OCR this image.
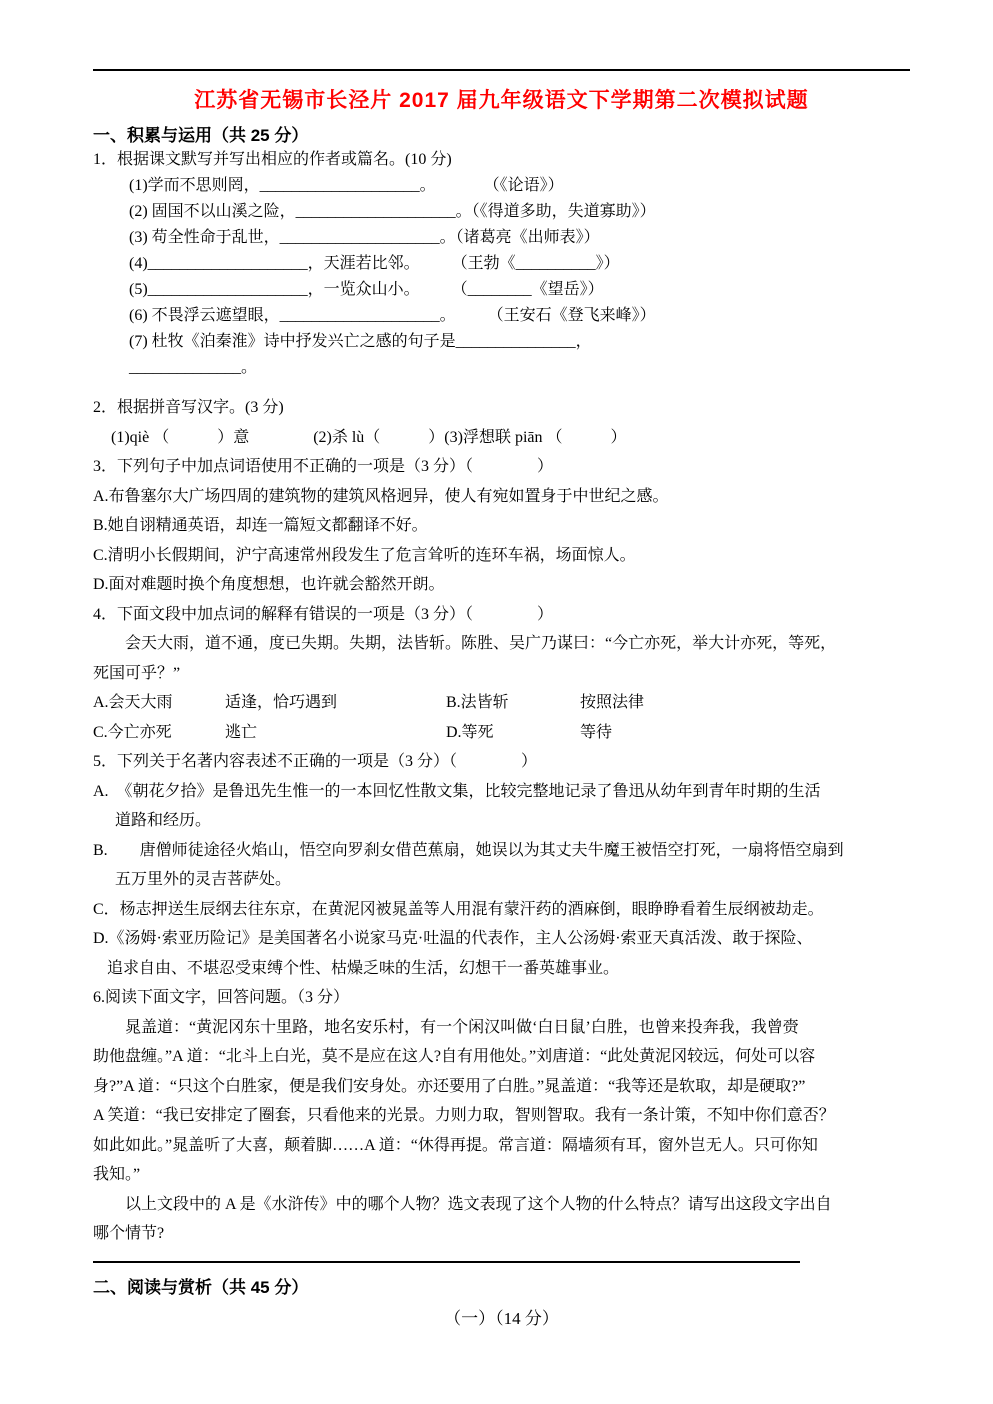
江苏省无锡市长泾片 2017 届九年级语文下学期第二次模拟试题
一、积累与运用（共 25 分）
1．根据课文默写并写出相应的作者或篇名。(10 分)
(1)学而不思则罔，____________________。　　　　（《论语》）
(2) 固国不以山溪之险，____________________。（《得道多助，失道寡助》）
(3) 苟全性命于乱世，____________________。（诸葛亮《出师表》）
(4)____________________，天涯若比邻。　　　（王勃《__________》）
(5)____________________，一览众山小。　　　（________《望岳》）
(6) 不畏浮云遮望眼，____________________。　　　（王安石《登飞来峰》）
(7) 杜牧《泊秦淮》诗中抒发兴亡之感的句子是_______________，
______________。
2．根据拼音写汉字。(3 分)
(1)qiè （　　　）意　　　　(2)杀 lù（　　　）(3)浮想联 piān （　　　）
3．下列句子中加点词语使用不正确的一项是（3 分）（　　　　）
A.布鲁塞尔大广场四周的建筑物的建筑风格迥异，使人有宛如置身于中世纪之感。
B.她自诩精通英语，却连一篇短文都翻译不好。
C.清明小长假期间，沪宁高速常州段发生了危言耸听的连环车祸，场面惊人。
D.面对难题时换个角度想想，也许就会豁然开朗。
4．下面文段中加点词的解释有错误的一项是（3 分）（　　　　）
　　会天大雨，道不通，度已失期。失期，法皆斩。陈胜、吴广乃谋曰：“今亡亦死，举大计亦死，等死，
死国可乎？”
A.会天大雨	适逢，恰巧遇到	B.法皆斩	按照法律
C.今亡亦死	逃亡	D.等死	等待
5．下列关于名著内容表述不正确的一项是（3 分）（　　　　）
A.　《朝花夕拾》是鲁迅先生惟一的一本回忆性散文集，比较完整地记录了鲁迅从幼年到青年时期的生活
道路和经历。
B.　　唐僧师徒途径火焰山，悟空向罗刹女借芭蕉扇，她误以为其丈夫牛魔王被悟空打死，一扇将悟空扇到
五万里外的灵吉菩萨处。
C．杨志押送生辰纲去往东京，在黄泥冈被晁盖等人用混有蒙汗药的酒麻倒，眼睁睁看着生辰纲被劫走。
D.《汤姆·索亚历险记》是美国著名小说家马克·吐温的代表作，主人公汤姆·索亚天真活泼、敢于探险、
追求自由、不堪忍受束缚个性、枯燥乏味的生活，幻想干一番英雄事业。
6.阅读下面文字，回答问题。（3 分）
　　晁盖道：“黄泥冈东十里路，地名安乐村，有一个闲汉叫做‘白日鼠’白胜，也曾来投奔我，我曾赍
助他盘缠。”A 道：“北斗上白光，莫不是应在这人?自有用他处。”刘唐道：“此处黄泥冈较远，何处可以容
身?”A 道：“只这个白胜家，便是我们安身处。亦还要用了白胜。”晁盖道：“我等还是软取，却是硬取?”
A 笑道：“我已安排定了圈套，只看他来的光景。力则力取，智则智取。我有一条计策，不知中你们意否？
如此如此。”晁盖听了大喜，颠着脚……A 道：“休得再提。常言道：隔墙须有耳，窗外岂无人。只可你知
我知。”
　　以上文段中的 A 是《水浒传》中的哪个人物？选文表现了这个人物的什么特点？请写出这段文字出自
哪个情节?
二、阅读与赏析（共 45 分）
（一）（14 分）
